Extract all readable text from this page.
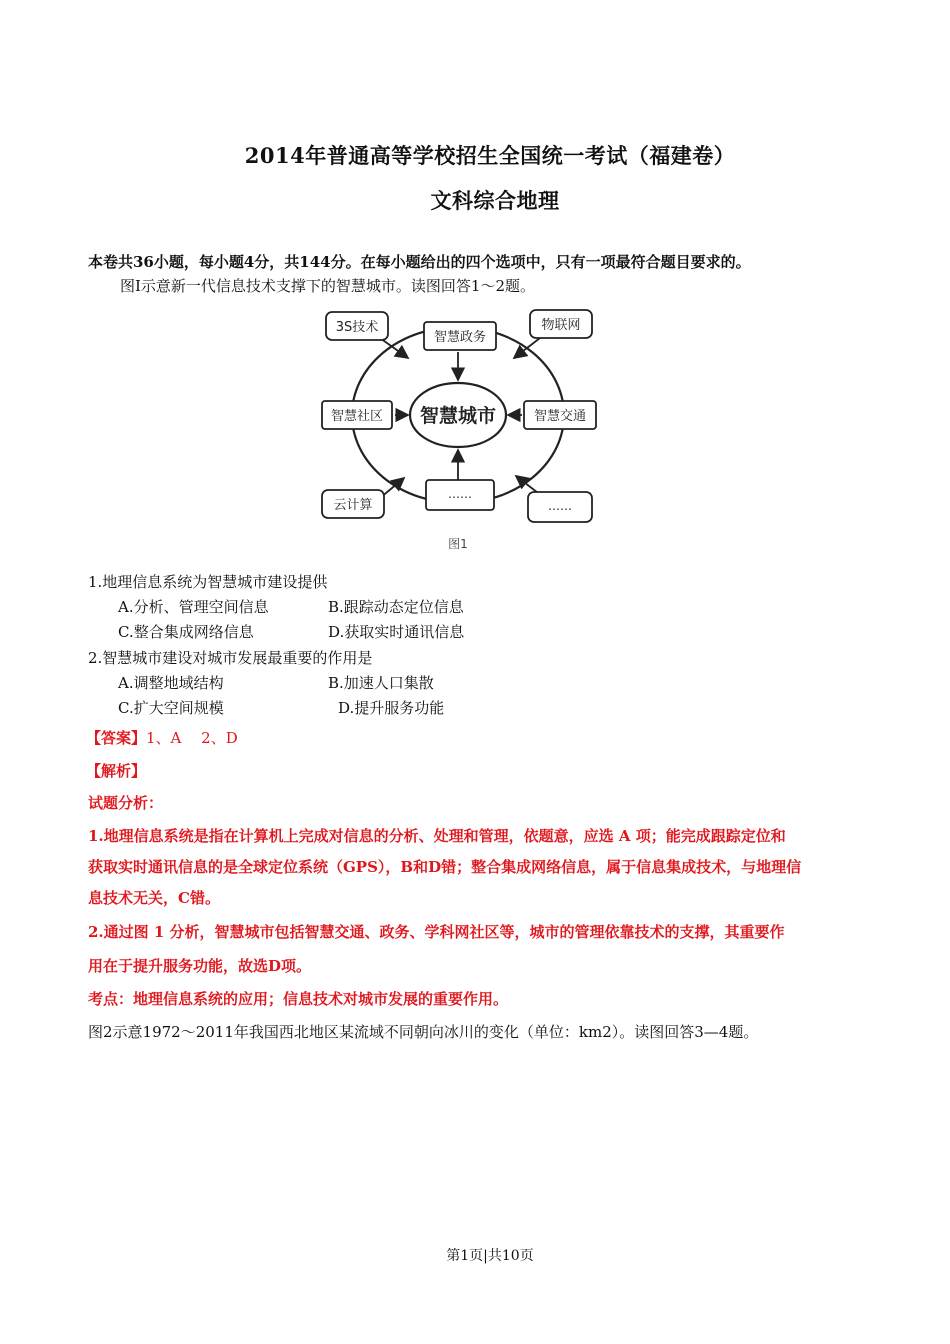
2014年普通高等学校招生全国统一考试（福建卷）
文科综合地理
本卷共36小题，每小题4分，共144分。在每小题给出的四个选项中，只有一项最符合题目要求的。
图Ⅰ示意新一代信息技术支撑下的智慧城市。读图回答1～2题。
智慧城市
3S技术
智慧政务
物联网
智慧社区	智慧交通
云计算
……
……
图1
1.地理信息系统为智慧城市建设提供
A.分析、管理空间信息	B.跟踪动态定位信息
C.整合集成网络信息	D.获取实时通讯信息
2.智慧城市建设对城市发展最重要的作用是
A.调整地域结构	B.加速人口集散
C.扩大空间规模	D.提升服务功能
【答案】1、A　 2、D
【解析】
试题分析：
1.地理信息系统是指在计算机上完成对信息的分析、处理和管理，依题意，应选 A 项；能完成跟踪定位和
获取实时通讯信息的是全球定位系统（GPS），B和D错；整合集成网络信息，属于信息集成技术，与地理信
息技术无关，C错。
2.通过图 1 分析，智慧城市包括智慧交通、政务、学科网社区等，城市的管理依靠技术的支撑，其重要作
用在于提升服务功能，故选D项。
考点：地理信息系统的应用；信息技术对城市发展的重要作用。
图2示意1972～2011年我国西北地区某流域不同朝向冰川的变化（单位：km2）。读图回答3—4题。
第1页|共10页
